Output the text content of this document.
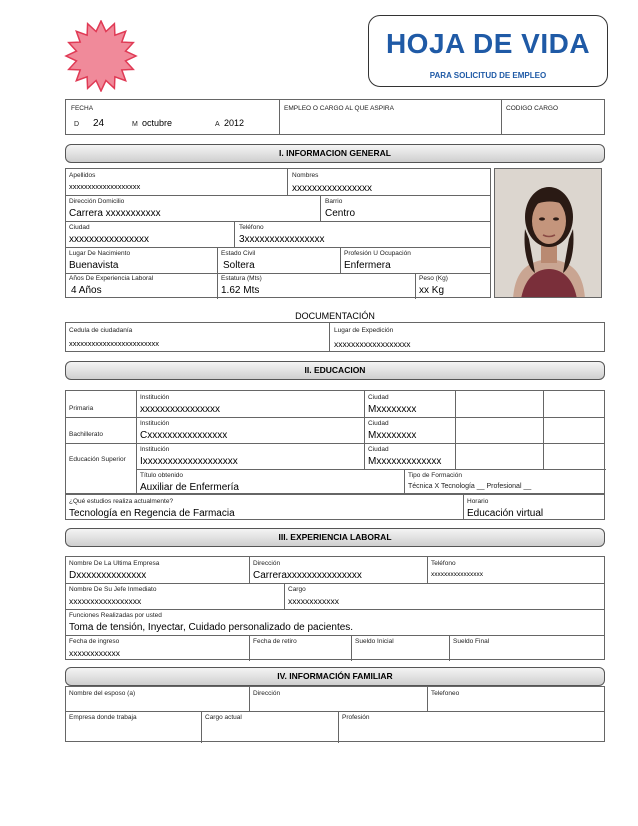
HOJA DE VIDA
PARA SOLICITUD DE EMPLEO
FECHA
D 24	M octubre	A 2012
EMPLEO O CARGO AL QUE ASPIRA	CODIGO CARGO
I. INFORMACION GENERAL
Apellidos
xxxxxxxxxxxxxxxxxxx
Nombres
xxxxxxxxxxxxxxxx
Dirección Domicilio
Carrera xxxxxxxxxxx
Barrio
Centro
Ciudad
xxxxxxxxxxxxxxxx
Teléfono
3xxxxxxxxxxxxxxxx
Lugar De Nacimiento
Buenavista
Estado Civil
Soltera
Profesión U Ocupación
Enfermera
Años De Experiencia Laboral
4 Años
Estatura (Mts)
1.62 Mts
Peso (Kg)
xx Kg
DOCUMENTACIÓN
Cedula de ciudadanía
xxxxxxxxxxxxxxxxxxxxxxxx
Lugar de Expedición
xxxxxxxxxxxxxxxxxx
II. EDUCACION
Primaria
Institución
xxxxxxxxxxxxxxxx
Ciudad
Mxxxxxxxx
Bachillerato
Institución
Cxxxxxxxxxxxxxxxx
Ciudad
Mxxxxxxxx
Educación Superior
Institución
Ixxxxxxxxxxxxxxxxxxx
Ciudad
Mxxxxxxxxxxxxx
Título obtenido
Auxiliar de Enfermería
Tipo de Formación
Técnica X Tecnología __ Profesional __
¿Qué estudios realiza actualmente?
Tecnología en Regencia de Farmacia
Horario
Educación virtual
III. EXPERIENCIA LABORAL
Nombre De La Ultima Empresa
Dxxxxxxxxxxxxxx
Dirección
Carreraxxxxxxxxxxxxxxx
Teléfono
xxxxxxxxxxxxxxxx
Nombre De Su Jefe Inmediato
xxxxxxxxxxxxxxxxx
Cargo
xxxxxxxxxxxx
Funciones Realizadas por usted
Toma de tensión, Inyectar, Cuidado personalizado de pacientes.
Fecha de ingreso
xxxxxxxxxxxx
Fecha de retiro	Sueldo Inicial	Sueldo Final
IV. INFORMACIÓN FAMILIAR
Nombre del esposo (a)	Dirección	Telefoneo
Empresa donde trabaja	Cargo actual	Profesión
